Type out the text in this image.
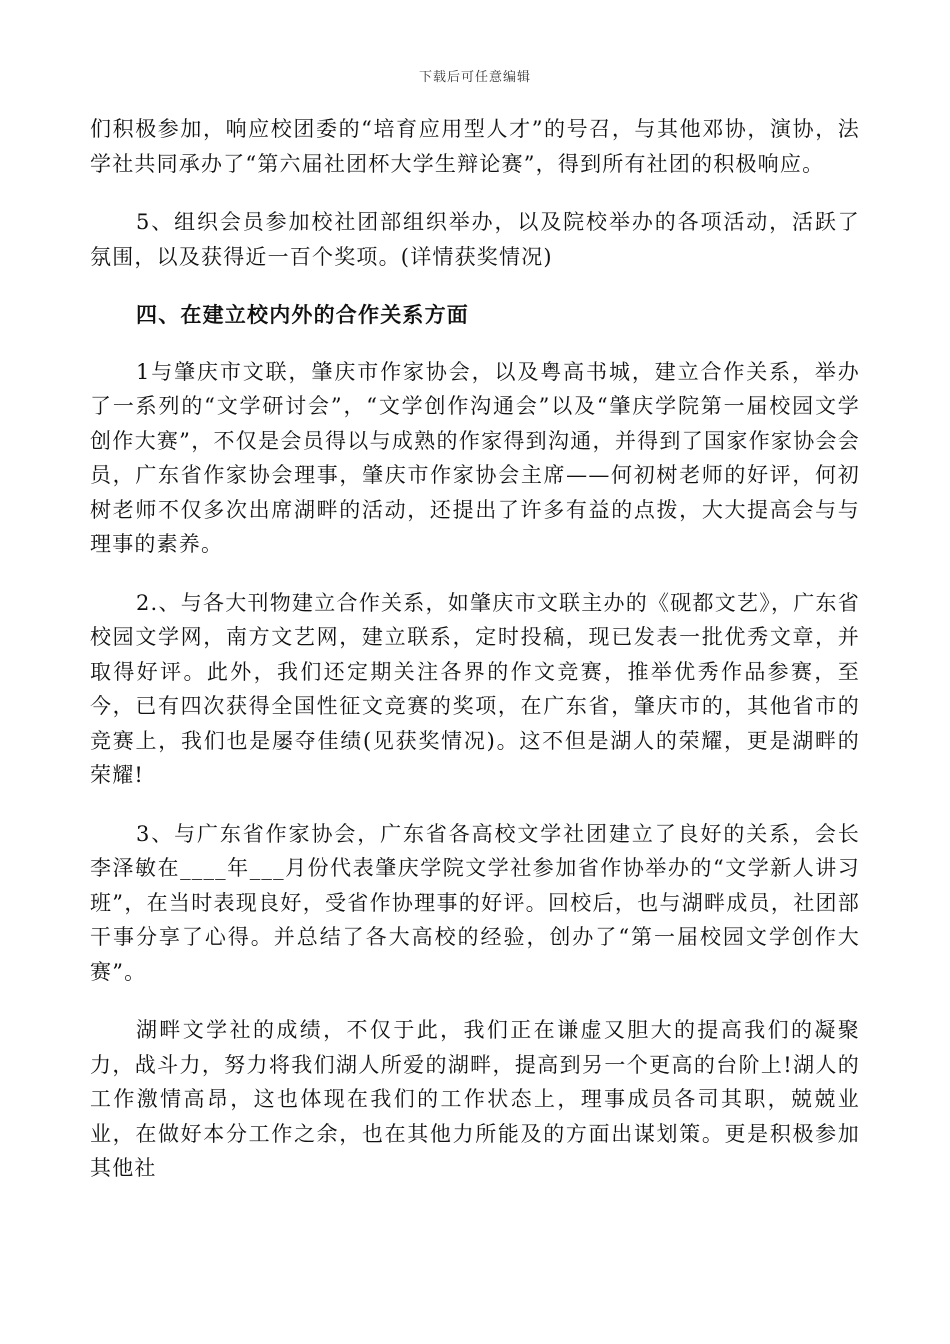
下载后可任意编辑

们积极参加，响应校团委的“培育应用型人才”的号召，与其他邓协，演协，法学社共同承办了“第六届社团杯大学生辩论赛”，得到所有社团的积极响应。

5、组织会员参加校社团部组织举办，以及院校举办的各项活动，活跃了氛围，以及获得近一百个奖项。(详情获奖情况)

四、在建立校内外的合作关系方面

1与肇庆市文联，肇庆市作家协会，以及粤高书城，建立合作关系，举办了一系列的“文学研讨会”，“文学创作沟通会”以及“肇庆学院第一届校园文学创作大赛”，不仅是会员得以与成熟的作家得到沟通，并得到了国家作家协会会员，广东省作家协会理事，肇庆市作家协会主席——何初树老师的好评，何初树老师不仅多次出席湖畔的活动，还提出了许多有益的点拨，大大提高会与与理事的素养。

2.、与各大刊物建立合作关系，如肇庆市文联主办的《砚都文艺》，广东省校园文学网，南方文艺网，建立联系，定时投稿，现已发表一批优秀文章，并取得好评。此外，我们还定期关注各界的作文竞赛，推举优秀作品参赛，至今，已有四次获得全国性征文竞赛的奖项，在广东省，肇庆市的，其他省市的竞赛上，我们也是屡夺佳绩(见获奖情况)。这不但是湖人的荣耀，更是湖畔的荣耀!

3、与广东省作家协会，广东省各高校文学社团建立了良好的关系，会长李泽敏在____年___月份代表肇庆学院文学社参加省作协举办的“文学新人讲习班”，在当时表现良好，受省作协理事的好评。回校后，也与湖畔成员，社团部干事分享了心得。并总结了各大高校的经验，创办了“第一届校园文学创作大赛”。

湖畔文学社的成绩，不仅于此，我们正在谦虚又胆大的提高我们的凝聚力，战斗力，努力将我们湖人所爱的湖畔，提高到另一个更高的台阶上!湖人的工作激情高昂，这也体现在我们的工作状态上，理事成员各司其职，兢兢业业，在做好本分工作之余，也在其他力所能及的方面出谋划策。更是积极参加其他社
